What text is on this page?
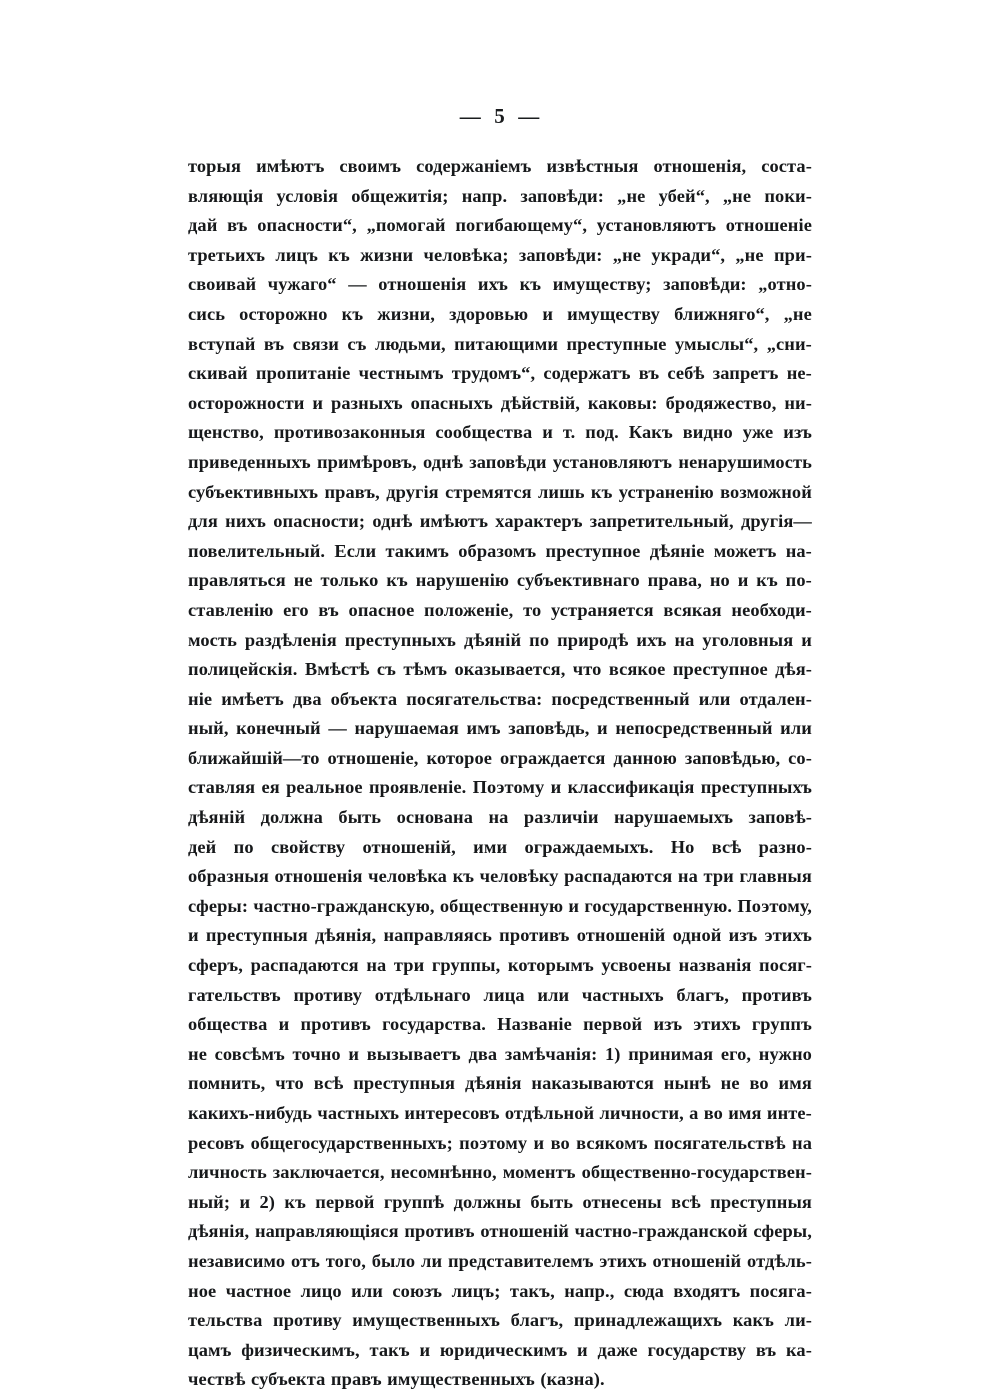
—  5  —
торыя имѣютъ своимъ содержаніемъ извѣстныя отношенія, соста-
вляющія условія общежитія; напр. заповѣди: „не убей“, „не поки-
дай въ опасности“, „помогай погибающему“, установляютъ отношеніе
третьихъ лицъ къ жизни человѣка; заповѣди: „не укради“, „не при-
своивай чужаго“ — отношенія ихъ къ имуществу; заповѣди: „отно-
сись осторожно къ жизни, здоровью и имуществу ближняго“, „не
вступай въ связи съ людьми, питающими преступные умыслы“, „сни-
скивай пропитаніе честнымъ трудомъ“, содержатъ въ себѣ запретъ не-
осторожности и разныхъ опасныхъ дѣйствій, каковы: бродяжество, ни-
щенство, противозаконныя сообщества и т. под. Какъ видно уже изъ
приведенныхъ примѣровъ, однѣ заповѣди установляютъ ненарушимость
субъективныхъ правъ, другія стремятся лишь къ устраненію возможной
для нихъ опасности; однѣ имѣютъ характеръ запретительный, другія—
повелительный. Если такимъ образомъ преступное дѣяніе можетъ на-
правляться не только къ нарушенію субъективнаго права, но и къ по-
ставленію его въ опасное положеніе, то устраняется всякая необходи-
мость раздѣленія преступныхъ дѣяній по природѣ ихъ на уголовныя и
полицейскія. Вмѣстѣ съ тѣмъ оказывается, что всякое преступное дѣя-
ніе имѣетъ два объекта посягательства: посредственный или отдален-
ный, конечный — нарушаемая имъ заповѣдь, и непосредственный или
ближайшій—то отношеніе, которое ограждается данною заповѣдью, со-
ставляя ея реальное проявленіе. Поэтому и классификація преступныхъ
дѣяній должна быть основана на различіи нарушаемыхъ заповѣ-
дей по свойству отношеній, ими ограждаемыхъ. Но всѣ разно-
образныя отношенія человѣка къ человѣку распадаются на три главныя
сферы: частно-гражданскую, общественную и государственную. Поэтому,
и преступныя дѣянія, направляясь противъ отношеній одной изъ этихъ
сферъ, распадаются на три группы, которымъ усвоены названія посяг-
гательствъ противу отдѣльнаго лица или частныхъ благъ, противъ
общества и противъ государства. Названіе первой изъ этихъ группъ
не совсѣмъ точно и вызываетъ два замѣчанія: 1) принимая его, нужно
помнить, что всѣ преступныя дѣянія наказываются нынѣ не во имя
какихъ-нибудь частныхъ интересовъ отдѣльной личности, а во имя инте-
ресовъ общегосударственныхъ; поэтому и во всякомъ посягательствѣ на
личность заключается, несомнѣнно, моментъ общественно-государствен-
ный; и 2) къ первой группѣ должны быть отнесены всѣ преступныя
дѣянія, направляющіяся противъ отношеній частно-гражданской сферы,
независимо отъ того, было ли представителемъ этихъ отношеній отдѣль-
ное частное лицо или союзъ лицъ; такъ, напр., сюда входятъ посяга-
тельства противу имущественныхъ благъ, принадлежащихъ какъ ли-
цамъ физическимъ, такъ и юридическимъ и даже государству въ ка-
чествѣ субъекта правъ имущественныхъ (казна).
